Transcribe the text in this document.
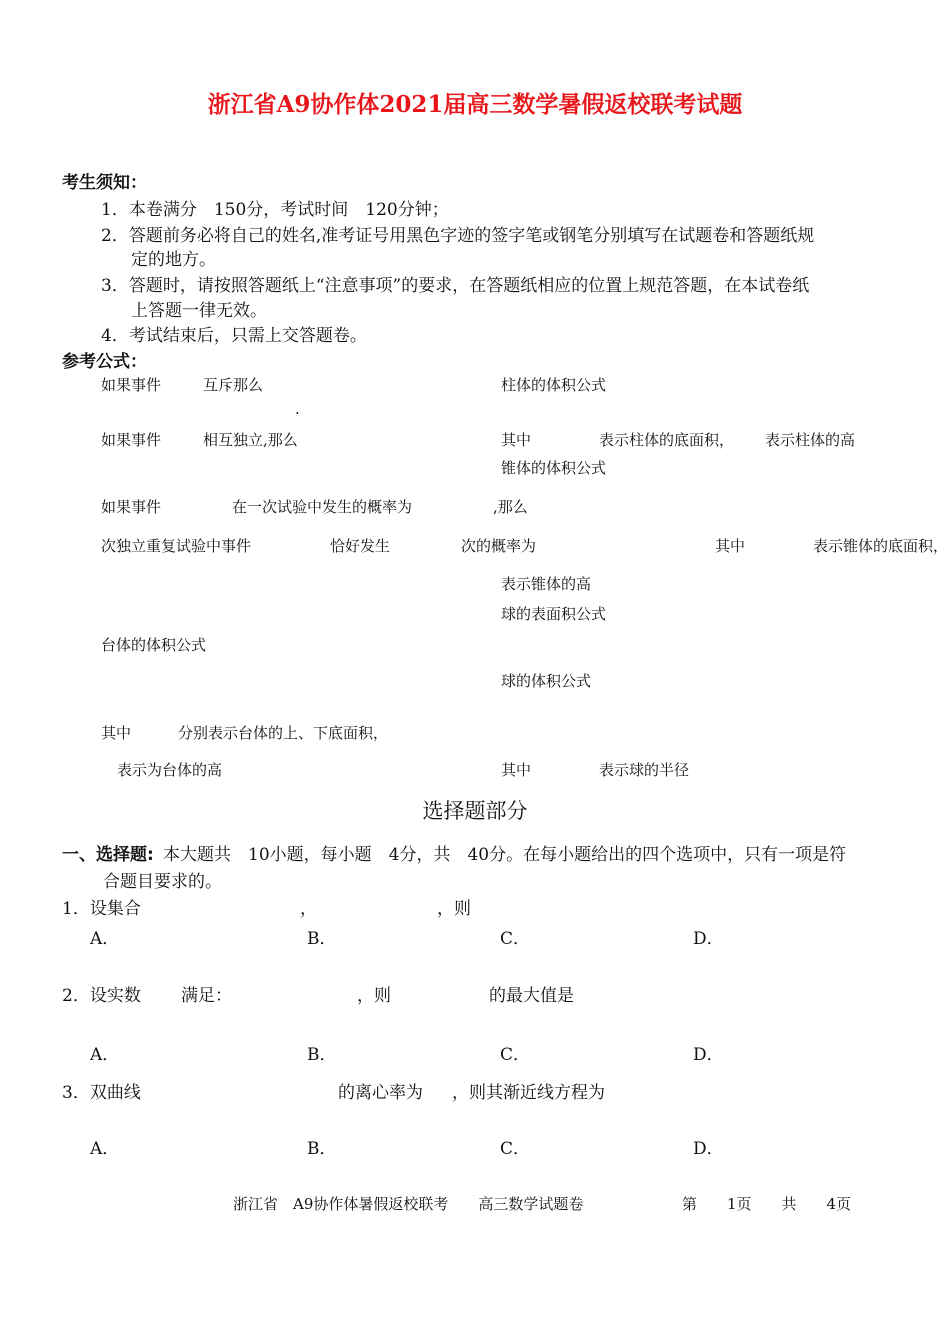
浙江省A9协作体2021届高三数学暑假返校联考试题
考生须知：
1．本卷满分　150分，考试时间　120分钟；
2．答题前务必将自己的姓名,准考证号用黑色字迹的签字笔或钢笔分别填写在试题卷和答题纸规
定的地方。
3．答题时，请按照答题纸上“注意事项”的要求，在答题纸相应的位置上规范答题，在本试卷纸
上答题一律无效。
4．考试结束后，只需上交答题卷。
参考公式：
如果事件	互斥那么	柱体的体积公式
.
如果事件	相互独立,那么	其中	表示柱体的底面积， 表示柱体的高
锥体的体积公式
如果事件	在一次试验中发生的概率为	,那么
次独立重复试验中事件	恰好发生	次的概率为	其中	表示锥体的底面积，
表示锥体的高
球的表面积公式
台体的体积公式
球的体积公式
其中	分别表示台体的上、下底面积，
表示为台体的高	其中	表示球的半径
选择题部分
一、选择题: 本大题共　10小题，每小题　4分，共　40分。在每小题给出的四个选项中，只有一项是符
合题目要求的。
1．设集合	，	，则
A．	B．	C．	D．
2．设实数 满足：	，则	的最大值是
A．	B．	C．	D．
3．双曲线	的离心率为 ，则其渐近线方程为
A．	B．	C．	D．
浙江省　A9协作体暑假返校联考　　高三数学试题卷	第　　1页　　共　　4页
